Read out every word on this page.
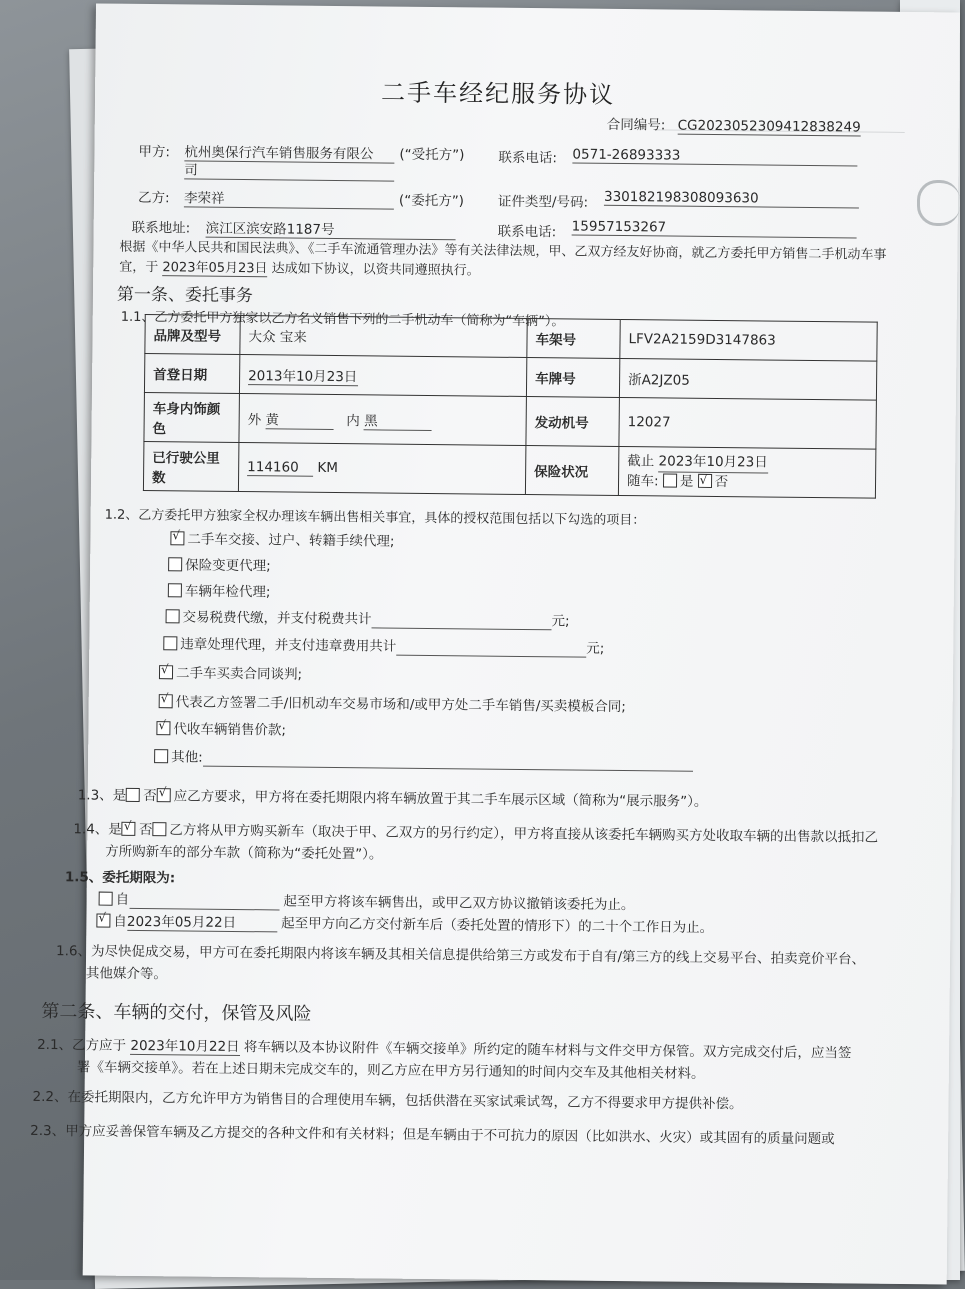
二手车经纪服务协议
合同编号: CG2023052309412838249
甲方: 杭州奥保行汽车销售服务有限公
司
(“受托方”)	联系电话: 0571-26893333
乙方: 李荣祥	(“委托方”)	证件类型/号码: 330182198308093630
联系地址: 滨江区滨安路1187号	联系电话: 15957153267
根据《中华人民共和国民法典》、《二手车流通管理办法》等有关法律法规，甲、乙双方经友好协商，就乙方委托甲方销售二手机动车事
宜，于 2023年05月23日 达成如下协议，以资共同遵照执行。
第一条、委托事务
1.1、乙方委托甲方独家以乙方名义销售下列的二手机动车（简称为“车辆”）。
品牌及型号	大众 宝来	车架号	LFV2A2159D3147863
首登日期	2013年10月23日	车牌号	浙A2JZ05
车身内饰颜色	外 黄 内 黑	发动机号	12027
已行驶公里数	114160 KM	保险状况	截止 2023年10月23日
随车: 是 √ 否
1.2、乙方委托甲方独家全权办理该车辆出售相关事宜，具体的授权范围包括以下勾选的项目：
√二手车交接、过户、转籍手续代理;
保险变更代理;
车辆年检代理;
交易税费代缴，并支付税费共计	元;
违章处理代理，并支付违章费用共计	元;
√二手车买卖合同谈判;
√代表乙方签署二手/旧机动车交易市场和/或甲方处二手车销售/买卖模板合同;
√代收车辆销售价款;
其他:
1.3、是 否 √ 应乙方要求，甲方将在委托期限内将车辆放置于其二手车展示区域（简称为“展示服务”）。
1.4、是 √ 否 乙方将从甲方购买新车（取决于甲、乙双方的另行约定），甲方将直接从该委托车辆购买方处收取车辆的出售款以抵扣乙
方所购新车的部分车款（简称为“委托处置”）。
1.5、委托期限为:
自	起至甲方将该车辆售出，或甲乙双方协议撤销该委托为止。
√自2023年05月22日	起至甲方向乙方交付新车后（委托处置的情形下）的二十个工作日为止。
1.6、为尽快促成交易，甲方可在委托期限内将该车辆及其相关信息提供给第三方或发布于自有/第三方的线上交易平台、拍卖竞价平台、
其他媒介等。
第二条、车辆的交付，保管及风险
2.1、乙方应于 2023年10月22日 将车辆以及本协议附件《车辆交接单》所约定的随车材料与文件交甲方保管。双方完成交付后，应当签
署《车辆交接单》。若在上述日期未完成交车的，则乙方应在甲方另行通知的时间内交车及其他相关材料。
2.2、在委托期限内，乙方允许甲方为销售目的合理使用车辆，包括供潜在买家试乘试驾，乙方不得要求甲方提供补偿。
2.3、甲方应妥善保管车辆及乙方提交的各种文件和有关材料；但是车辆由于不可抗力的原因（比如洪水、火灾）或其固有的质量问题或
